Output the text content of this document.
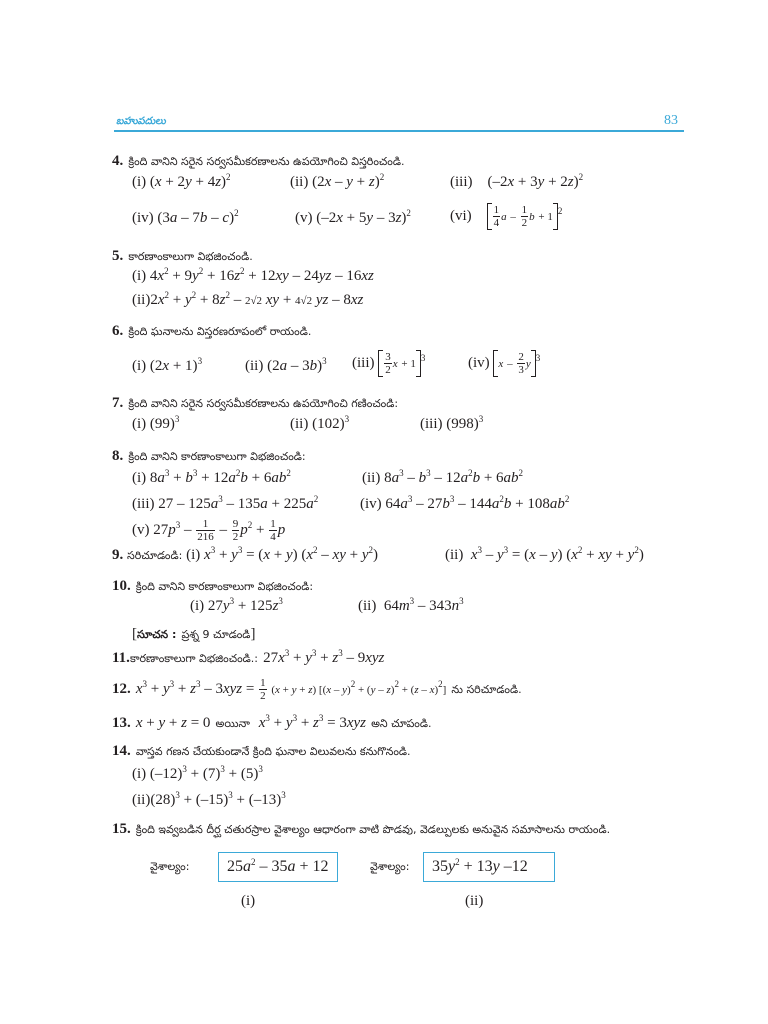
బహుపదులు	83
4. క్రింది వానిని సరైన సర్వసమీకరణాలను ఉపయోగించి విస్తరించండి.
(i) $(x + 2y + 4z)^2$	(ii) $(2x - y + z)^2$	(iii)    $(-2x + 3y + 2z)^2$
(iv) (3a – 7b – c)$^2$	(v) $(-2x + 5y - 3z)^2$	$(vi) \frac{1}{4}$ a – $\frac{1}{2}$ b + 1 $^2$
5. కారణాంకాలుగా విభజించండి.
(i) $4x^2 + 9y^2 + 16z^2 + 12xy - 24yz - 16xz$
$(ii)2x^2 + y^2 + 8z^2 - 2√2$ xy + 4√2 yz – 8xz
6. క్రింది ఘనాలను విస్తరణరూపంలో రాయండి.
(i) $(2x + 1)^3$	(ii) (2a – 3b)$^3$ $(iii) \frac{3}{2}$ x + 1 $^3$	(iv) x – $\frac{2}{3}$ y $^3$
7. క్రింది వానిని సరైన సర్వసమీకరణాలను ఉపయోగించి గణించండి:
(i) $(99)^3$	(ii) $(102)^3$	(iii) $(998)^3$
8. క్రింది వానిని కారణాంకాలుగా విభజించండి:
(i) $8a^3 + b^3 + 12a^2b + 6ab^2$	(ii) $8a^3 - b^3 - 12a^2b + 6ab^2$
(iii) $27 - 125a^3 - 135a + 225a^2$	(iv) $64a^3 - 27b^3 - 144a^2b + 108ab^2$
(v) $27p^3 - \frac{1}{216} - \frac{9}{2} p^2 + \frac{1}{4}$ p
9. సరిచూడండి: (i) $x^3 + y^3 = (x + y)$ ($x^2$ – xy + $y^2$)	(ii) $x^3 - y^3 = (x - y) (x^2$ + xy + $y^2$)
10. క్రింది వానిని కారణాంకాలుగా విభజించండి:
(i) $27y^3 + 125z^3$	(ii)  $64m^3 - 343n^3$
[సూచన : ప్రశ్న 9 చూడండి]
11.కారణాంకాలుగా విభజించండి.: $27x^3 + y^3 + z^3 - 9xyz$
12. $x^3 + y^3 + z^3 - 3xyz = \frac{1}{2} (x + y + z)$ [(x – y)$^2$ + (y – z)$^2$ + (z – x)$^2$] ను సరిచూడండి.
13. x + y + z = 0 అయినా $x^3 + y^3 + z^3 = 3xyz$ అని చూపండి.
14. వాస్తవ గణన చేయకుండానే క్రింది ఘనాల విలువలను కనుగొనండి.
(i) $(-12)^3 + (7)^3 + (5)^3$
$(ii)(28)^3 + (-15)^3 + (-13)^3$
15. క్రింది ఇవ్వబడిన దీర్ఘ చతురస్రాల వైశాల్యం ఆధారంగా వాటి పొడవు, వెడల్పులకు అనువైన సమాసాలను రాయండి.
వైశాల్యం:	$25a^2 - 35a + 12$	వైశాల్యం:	$35y^2 + 13y$ –12
(i)	(ii)
